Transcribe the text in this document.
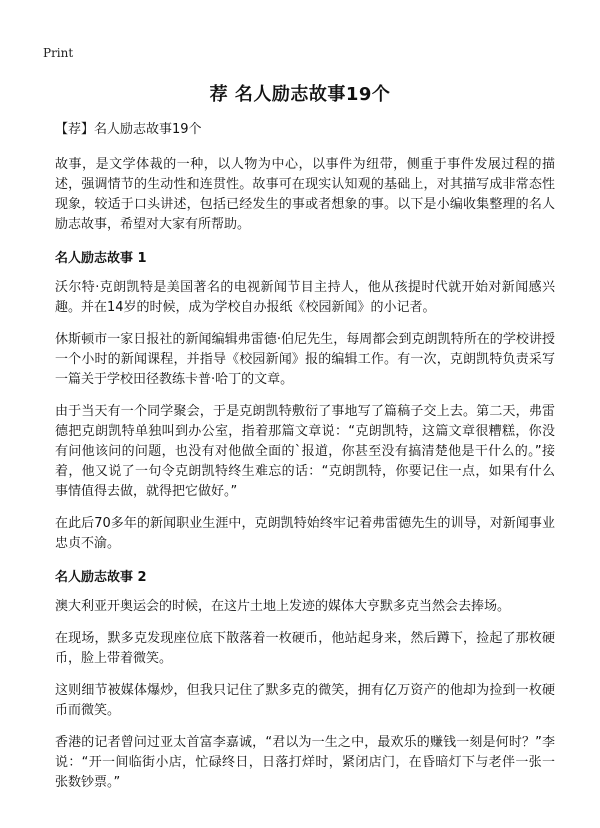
Print
荐 名人励志故事19个
【荐】名人励志故事19个

故事，是文学体裁的一种，以人物为中心，以事件为纽带，侧重于事件发展过程的描述，强调情节的生动性和连贯性。故事可在现实认知观的基础上，对其描写成非常态性现象，较适于口头讲述，包括已经发生的事或者想象的事。以下是小编收集整理的名人励志故事，希望对大家有所帮助。

名人励志故事 1

沃尔特·克朗凯特是美国著名的电视新闻节目主持人，他从孩提时代就开始对新闻感兴趣。并在14岁的时候，成为学校自办报纸《校园新闻》的小记者。

休斯顿市一家日报社的新闻编辑弗雷德·伯尼先生，每周都会到克朗凯特所在的学校讲授一个小时的新闻课程，并指导《校园新闻》报的编辑工作。有一次，克朗凯特负责采写一篇关于学校田径教练卡普·哈丁的文章。

由于当天有一个同学聚会，于是克朗凯特敷衍了事地写了篇稿子交上去。第二天，弗雷德把克朗凯特单独叫到办公室，指着那篇文章说：“克朗凯特，这篇文章很糟糕，你没有问他该问的问题，也没有对他做全面的`报道，你甚至没有搞清楚他是干什么的。”接着，他又说了一句令克朗凯特终生难忘的话：“克朗凯特，你要记住一点，如果有什么事情值得去做，就得把它做好。”

在此后70多年的新闻职业生涯中，克朗凯特始终牢记着弗雷德先生的训导，对新闻事业忠贞不渝。

名人励志故事 2

澳大利亚开奥运会的时候，在这片土地上发迹的媒体大亨默多克当然会去捧场。

在现场，默多克发现座位底下散落着一枚硬币，他站起身来，然后蹲下，捡起了那枚硬币，脸上带着微笑。

这则细节被媒体爆炒，但我只记住了默多克的微笑，拥有亿万资产的他却为捡到一枚硬币而微笑。

香港的记者曾问过亚太首富李嘉诚，“君以为一生之中，最欢乐的赚钱一刻是何时？”李说：“开一间临街小店，忙碌终日，日落打烊时，紧闭店门，在昏暗灯下与老伴一张一张数钞票。”
